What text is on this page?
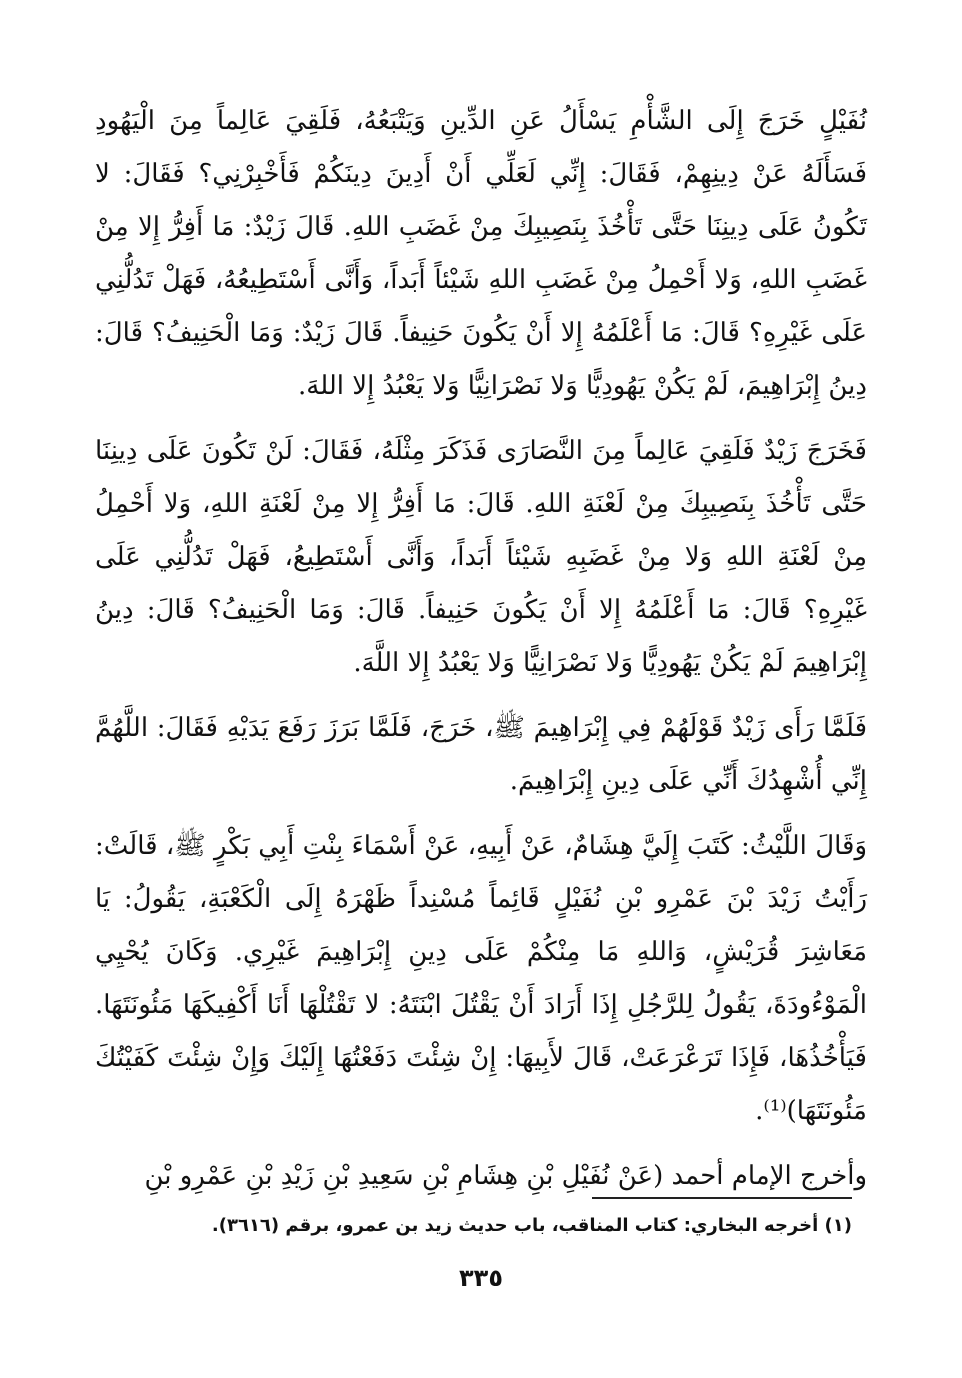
نُفَيْلٍ خَرَجَ إِلَى الشَّأْمِ يَسْأَلُ عَنِ الدِّينِ وَيَتْبَعُهُ، فَلَقِيَ عَالِماً مِنَ الْيَهُودِ فَسَأَلَهُ عَنْ دِينِهِمْ، فَقَالَ: إِنِّي لَعَلِّي أَنْ أَدِينَ دِينَكُمْ فَأَخْبِرْنِي؟ فَقَالَ: لا تَكُونُ عَلَى دِينِنَا حَتَّى تَأْخُذَ بِنَصِيبِكَ مِنْ غَضَبِ اللهِ. قَالَ زَيْدٌ: مَا أَفِرُّ إِلا مِنْ غَضَبِ اللهِ، وَلا أَحْمِلُ مِنْ غَضَبِ اللهِ شَيْئاً أَبَداً، وَأَنَّى أَسْتَطِيعُهُ، فَهَلْ تَدُلُّنِي عَلَى غَيْرِهِ؟ قَالَ: مَا أَعْلَمُهُ إِلا أَنْ يَكُونَ حَنِيفاً. قَالَ زَيْدٌ: وَمَا الْحَنِيفُ؟ قَالَ: دِينُ إِبْرَاهِيمَ، لَمْ يَكُنْ يَهُودِيًّا وَلا نَصْرَانِيًّا وَلا يَعْبُدُ إِلا اللهَ.

فَخَرَجَ زَيْدٌ فَلَقِيَ عَالِماً مِنَ النَّصَارَى فَذَكَرَ مِثْلَهُ، فَقَالَ: لَنْ تَكُونَ عَلَى دِينِنَا حَتَّى تَأْخُذَ بِنَصِيبِكَ مِنْ لَعْنَةِ اللهِ. قَالَ: مَا أَفِرُّ إِلا مِنْ لَعْنَةِ اللهِ، وَلا أَحْمِلُ مِنْ لَعْنَةِ اللهِ وَلا مِنْ غَضَبِهِ شَيْئاً أَبَداً، وَأَنَّى أَسْتَطِيعُ، فَهَلْ تَدُلُّنِي عَلَى غَيْرِهِ؟ قَالَ: مَا أَعْلَمُهُ إِلا أَنْ يَكُونَ حَنِيفاً. قَالَ: وَمَا الْحَنِيفُ؟ قَالَ: دِينُ إِبْرَاهِيمَ لَمْ يَكُنْ يَهُودِيًّا وَلا نَصْرَانِيًّا وَلا يَعْبُدُ إِلا اللَّهَ.

فَلَمَّا رَأَى زَيْدٌ قَوْلَهُمْ فِي إِبْرَاهِيمَ ﷺ، خَرَجَ، فَلَمَّا بَرَزَ رَفَعَ يَدَيْهِ فَقَالَ: اللَّهُمَّ إِنِّي أُشْهِدُكَ أَنِّي عَلَى دِينِ إِبْرَاهِيمَ.

وَقَالَ اللَّيْثُ: كَتَبَ إِلَيَّ هِشَامٌ، عَنْ أَبِيهِ، عَنْ أَسْمَاءَ بِنْتِ أَبِي بَكْرٍ ﷺ، قَالَتْ: رَأَيْتُ زَيْدَ بْنَ عَمْرِو بْنِ نُفَيْلٍ قَائِماً مُسْنِداً ظَهْرَهُ إِلَى الْكَعْبَةِ، يَقُولُ: يَا مَعَاشِرَ قُرَيْشٍ، وَاللهِ مَا مِنْكُمْ عَلَى دِينِ إِبْرَاهِيمَ غَيْرِي. وَكَانَ يُحْيِي الْمَوْءُودَةَ، يَقُولُ لِلرَّجُلِ إِذَا أَرَادَ أَنْ يَقْتُلَ ابْنَتَهُ: لا تَقْتُلْهَا أَنَا أَكْفِيكَهَا مَئُونَتَهَا. فَيَأْخُذُهَا، فَإِذَا تَرَعْرَعَتْ، قَالَ لأَبِيهَا: إِنْ شِئْتَ دَفَعْتُهَا إِلَيْكَ وَإِنْ شِئْتَ كَفَيْتُكَ مَئُونَتَهَا)⁽¹⁾.

وأخرج الإمام أحمد (عَنْ نُفَيْلِ بْنِ هِشَامِ بْنِ سَعِيدِ بْنِ زَيْدِ بْنِ عَمْرِو بْنِ

(١) أخرجه البخاري: كتاب المناقب، باب حديث زيد بن عمرو، برقم (٣٦١٦).
٣٣٥
